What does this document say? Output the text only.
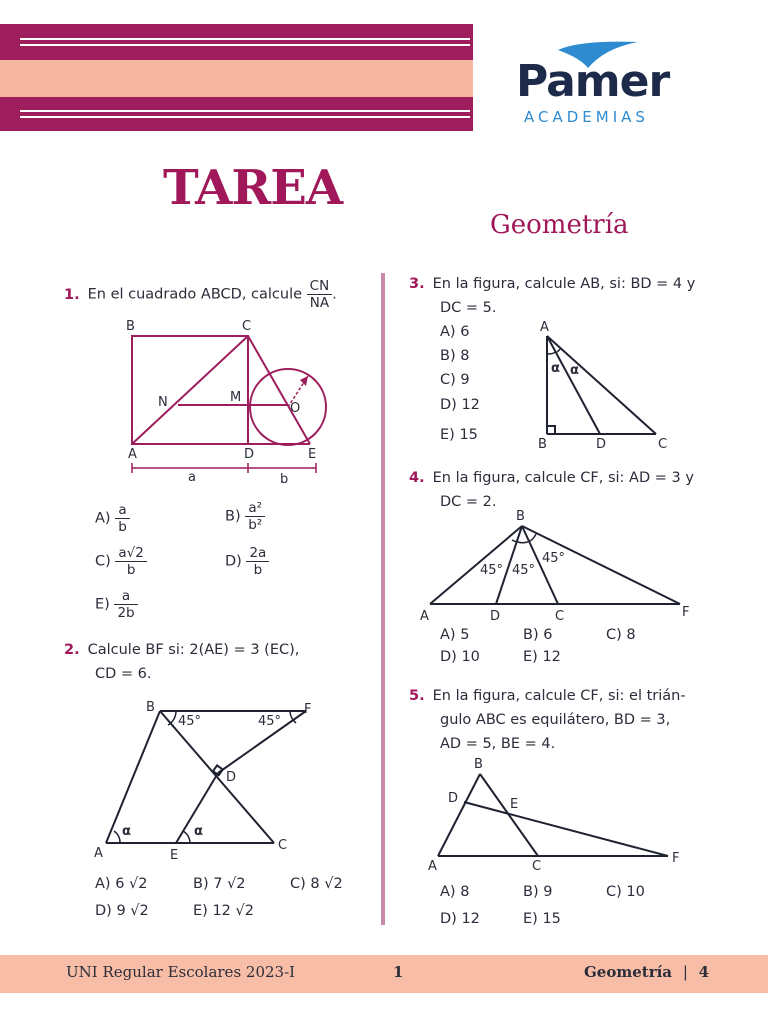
Pamer
ACADEMIAS
TAREA
Geometría
1. En el cuadrado ABCD, calcule $\frac{CN}{NA}$ .
B	C
N	M
O
A	D	E
a	b
$A) \frac{a}{b}$	$B) \frac{\text{a²}}{\text{b²}}$
$C) \frac{a√2}{b}$	$D) \frac{2a}{b}$
$E) \frac{a}{2b}$
2. Calcule BF si: 2(AE) = 3 (EC),
CD = 6.
B	F
45°	45°
D
A	E
C
α	α
A) 6 √2	B) 7 √2	C) 8 √2
D) 9 √2	E) 12 √2
3. En la figura, calcule AB, si: BD = 4 y
DC = 5.
A) 6
B) 8
C) 9
D) 12
E) 15
A
α α
B	D	C
4. En la figura, calcule CF, si: AD = 3 y
DC = 2.
B
45° 45°
45°
A	D	C	F
A) 5	B) 6	C) 8
D) 10	E) 12
5. En la figura, calcule CF, si: el trián-
gulo ABC es equilátero, BD = 3,
AD = 5, BE = 4.
B
D	E
A	C
F
A) 8	B) 9	C) 10
D) 12	E) 15
UNI Regular Escolares 2023-I	1	Geometría | 4
